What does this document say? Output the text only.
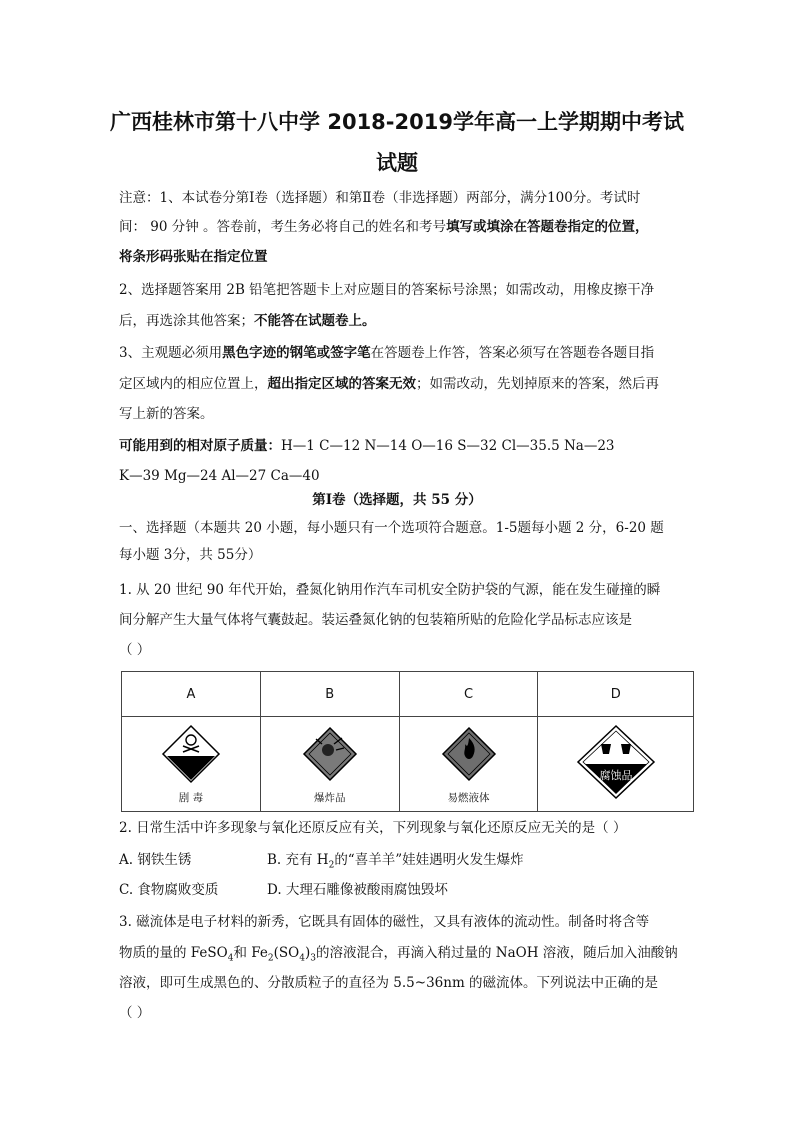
广西桂林市第十八中学 2018-2019学年高一上学期期中考试
试题
注意：1、本试卷分第Ⅰ卷（选择题）和第Ⅱ卷（非选择题）两部分，满分100分。考试时
间： 90 分钟 。答卷前，考生务必将自己的姓名和考号填写或填涂在答题卷指定的位置，
将条形码张贴在指定位置
2、选择题答案用 2B 铅笔把答题卡上对应题目的答案标号涂黑；如需改动，用橡皮擦干净
后，再选涂其他答案；不能答在试题卷上。
3、主观题必须用黑色字迹的钢笔或签字笔在答题卷上作答，答案必须写在答题卷各题目指
定区域内的相应位置上，超出指定区域的答案无效；如需改动，先划掉原来的答案，然后再
写上新的答案。
可能用到的相对原子质量：H—1 C—12 N—14 O—16 S—32 Cl—35.5 Na—23
K—39 Mg—24 Al—27 Ca—40
第Ⅰ卷（选择题，共 55 分）
一、选择题（本题共 20 小题，每小题只有一个选项符合题意。1-5题每小题 2 分，6-20 题
每小题 3分，共 55分）
1. 从 20 世纪 90 年代开始，叠氮化钠用作汽车司机安全防护袋的气源，能在发生碰撞的瞬
间分解产生大量气体将气囊鼓起。装运叠氮化钠的包装箱所贴的危险化学品标志应该是
（ ）
A	B	C	D

剧 毒	爆炸品	易燃液体	腐蚀品
2. 日常生活中许多现象与氧化还原反应有关，下列现象与氧化还原反应无关的是（ ）
A. 钢铁生锈	B. 充有 $H_2$的“喜羊羊”娃娃遇明火发生爆炸
C. 食物腐败变质	D. 大理石雕像被酸雨腐蚀毁坏
3. 磁流体是电子材料的新秀，它既具有固体的磁性，又具有液体的流动性。制备时将含等
物质的量的 FeSO$_4$和 $Fe_2(SO_4)_3$的溶液混合，再滴入稍过量的 NaOH 溶液，随后加入油酸钠
溶液，即可生成黑色的、分散质粒子的直径为 5.5~36nm 的磁流体。下列说法中正确的是
（ ）
